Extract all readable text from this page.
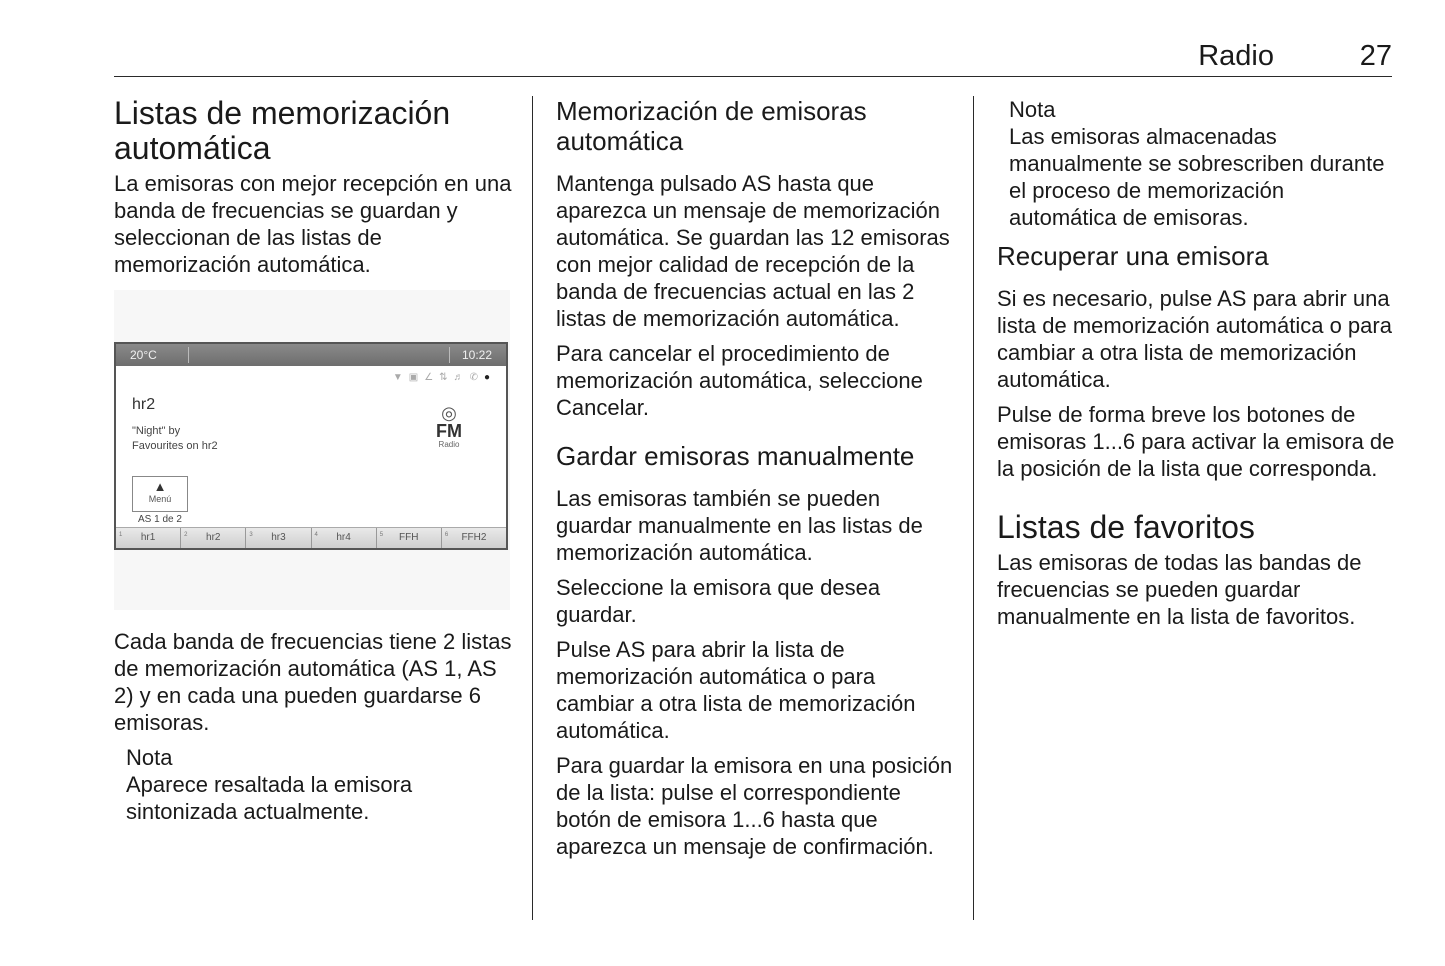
Radio	27
Listas de memorización automática

La emisoras con mejor recepción en una banda de frecuencias se guardan y seleccionan de las listas de memorización automática.

20°C	10:22
▼▣∠⇅♬✆●
hr2
"Night" by
Favourites on hr2
◎
FM
Radio
▲
Menú
AS 1 de 2
1 hr1	2 hr2	3 hr3	4 hr4	5 FFH	6 FFH2

Cada banda de frecuencias tiene 2 listas de memorización automática (AS 1, AS 2) y en cada una pueden guardarse 6 emisoras.

Nota
Aparece resaltada la emisora sintonizada actualmente.
Memorización de emisoras automática

Mantenga pulsado AS hasta que aparezca un mensaje de memorización automática. Se guardan las 12 emisoras con mejor calidad de recepción de la banda de frecuencias actual en las 2 listas de memorización automática.

Para cancelar el procedimiento de memorización automática, seleccione Cancelar.

Gardar emisoras manualmente

Las emisoras también se pueden guardar manualmente en las listas de memorización automática.

Seleccione la emisora que desea guardar.

Pulse AS para abrir la lista de memorización automática o para cambiar a otra lista de memorización automática.

Para guardar la emisora en una posición de la lista: pulse el correspondiente botón de emisora 1...6 hasta que aparezca un mensaje de confirmación.

Nota
Las emisoras almacenadas manualmente se sobrescriben durante el proceso de memorización automática de emisoras.
Recuperar una emisora

Si es necesario, pulse AS para abrir una lista de memorización automática o para cambiar a otra lista de memorización automática.

Pulse de forma breve los botones de emisoras 1...6 para activar la emisora de la posición de la lista que corresponda.

Listas de favoritos

Las emisoras de todas las bandas de frecuencias se pueden guardar manualmente en la lista de favoritos.
